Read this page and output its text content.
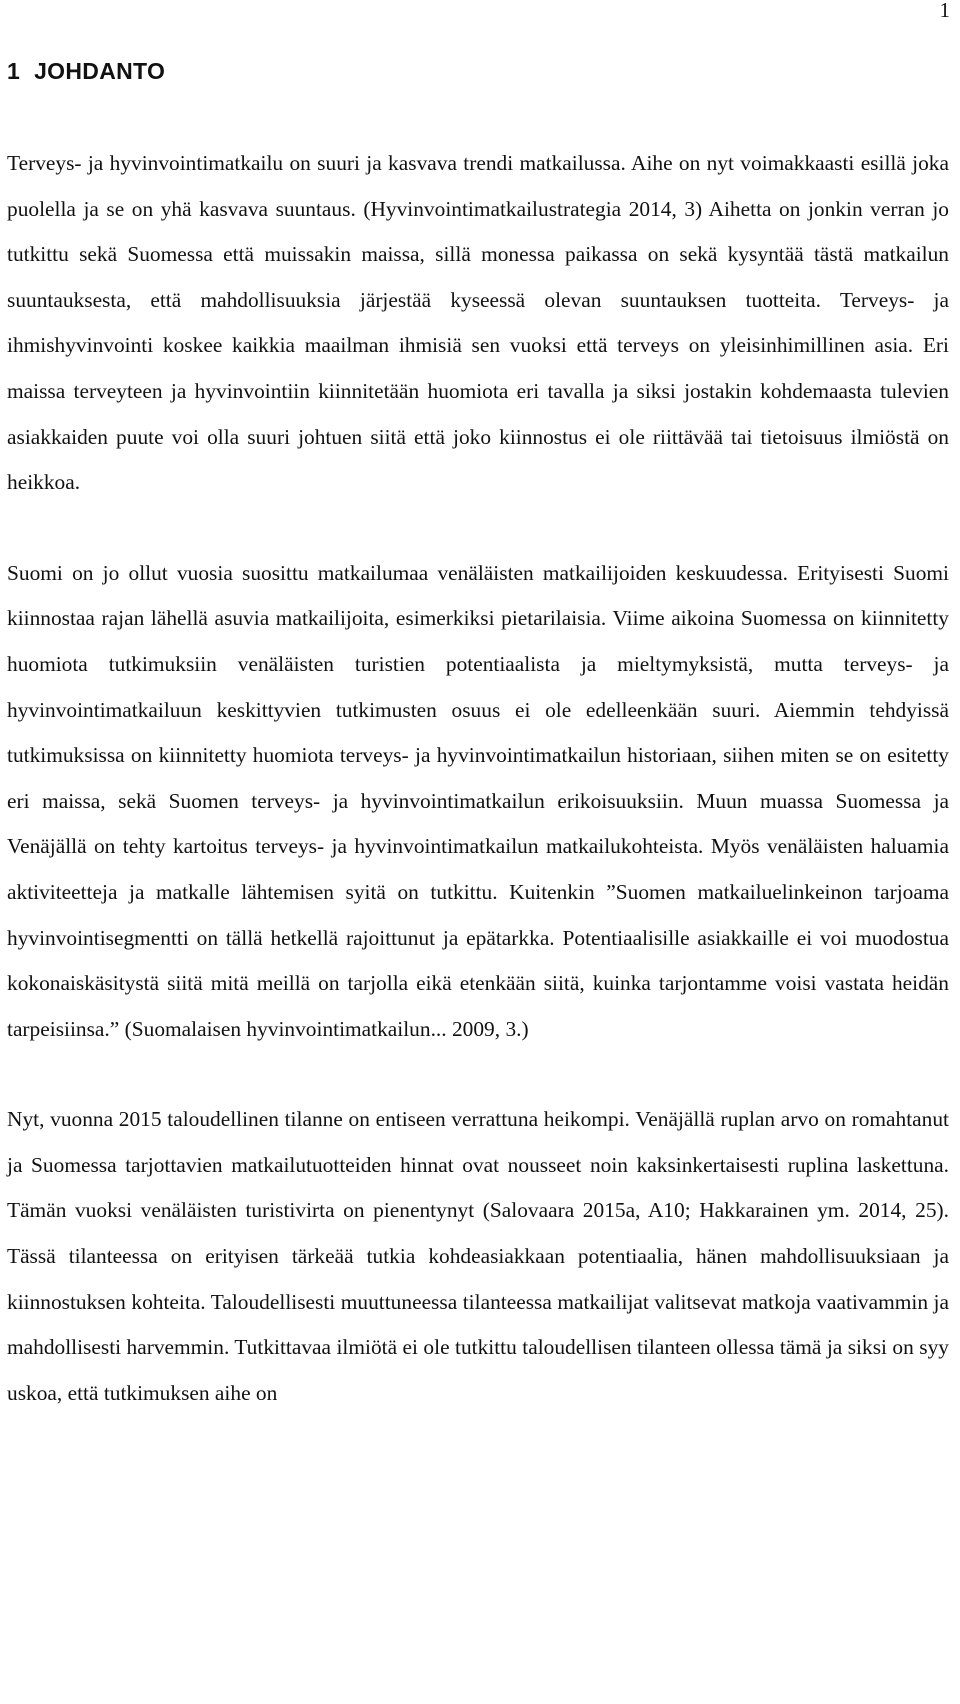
1
1 JOHDANTO

Terveys- ja hyvinvointimatkailu on suuri ja kasvava trendi matkailussa. Aihe on nyt voimakkaasti esillä joka puolella ja se on yhä kasvava suuntaus. (Hyvinvointimatkailustrategia 2014, 3) Aihetta on jonkin verran jo tutkittu sekä Suomessa että muissakin maissa, sillä monessa paikassa on sekä kysyntää tästä matkailun suuntauksesta, että mahdollisuuksia järjestää kyseessä olevan suuntauksen tuotteita. Terveys- ja ihmishyvinvointi koskee kaikkia maailman ihmisiä sen vuoksi että terveys on yleisinhimillinen asia. Eri maissa terveyteen ja hyvinvointiin kiinnitetään huomiota eri tavalla ja siksi jostakin kohdemaasta tulevien asiakkaiden puute voi olla suuri johtuen siitä että joko kiinnostus ei ole riittävää tai tietoisuus ilmiöstä on heikkoa.

Suomi on jo ollut vuosia suosittu matkailumaa venäläisten matkailijoiden keskuudessa. Erityisesti Suomi kiinnostaa rajan lähellä asuvia matkailijoita, esimerkiksi pietarilaisia. Viime aikoina Suomessa on kiinnitetty huomiota tutkimuksiin venäläisten turistien potentiaalista ja mieltymyksistä, mutta terveys- ja hyvinvointimatkailuun keskittyvien tutkimusten osuus ei ole edelleenkään suuri. Aiemmin tehdyissä tutkimuksissa on kiinnitetty huomiota terveys- ja hyvinvointimatkailun historiaan, siihen miten se on esitetty eri maissa, sekä Suomen terveys- ja hyvinvointimatkailun erikoisuuksiin. Muun muassa Suomessa ja Venäjällä on tehty kartoitus terveys- ja hyvinvointimatkailun matkailukohteista. Myös venäläisten haluamia aktiviteetteja ja matkalle lähtemisen syitä on tutkittu. Kuitenkin ”Suomen matkailuelinkeinon tarjoama hyvinvointisegmentti on tällä hetkellä rajoittunut ja epätarkka. Potentiaalisille asiakkaille ei voi muodostua kokonaiskäsitystä siitä mitä meillä on tarjolla eikä etenkään siitä, kuinka tarjontamme voisi vastata heidän tarpeisiinsa.” (Suomalaisen hyvinvointimatkailun... 2009, 3.)

Nyt, vuonna 2015 taloudellinen tilanne on entiseen verrattuna heikompi. Venäjällä ruplan arvo on romahtanut ja Suomessa tarjottavien matkailutuotteiden hinnat ovat nousseet noin kaksinkertaisesti ruplina laskettuna. Tämän vuoksi venäläisten turistivirta on pienentynyt (Salovaara 2015a, A10; Hakkarainen ym. 2014, 25). Tässä tilanteessa on erityisen tärkeää tutkia kohdeasiakkaan potentiaalia, hänen mahdollisuuksiaan ja kiinnostuksen kohteita. Taloudellisesti muuttuneessa tilanteessa matkailijat valitsevat matkoja vaativammin ja mahdollisesti harvemmin. Tutkittavaa ilmiötä ei ole tutkittu taloudellisen tilanteen ollessa tämä ja siksi on syy uskoa, että tutkimuksen aihe on
